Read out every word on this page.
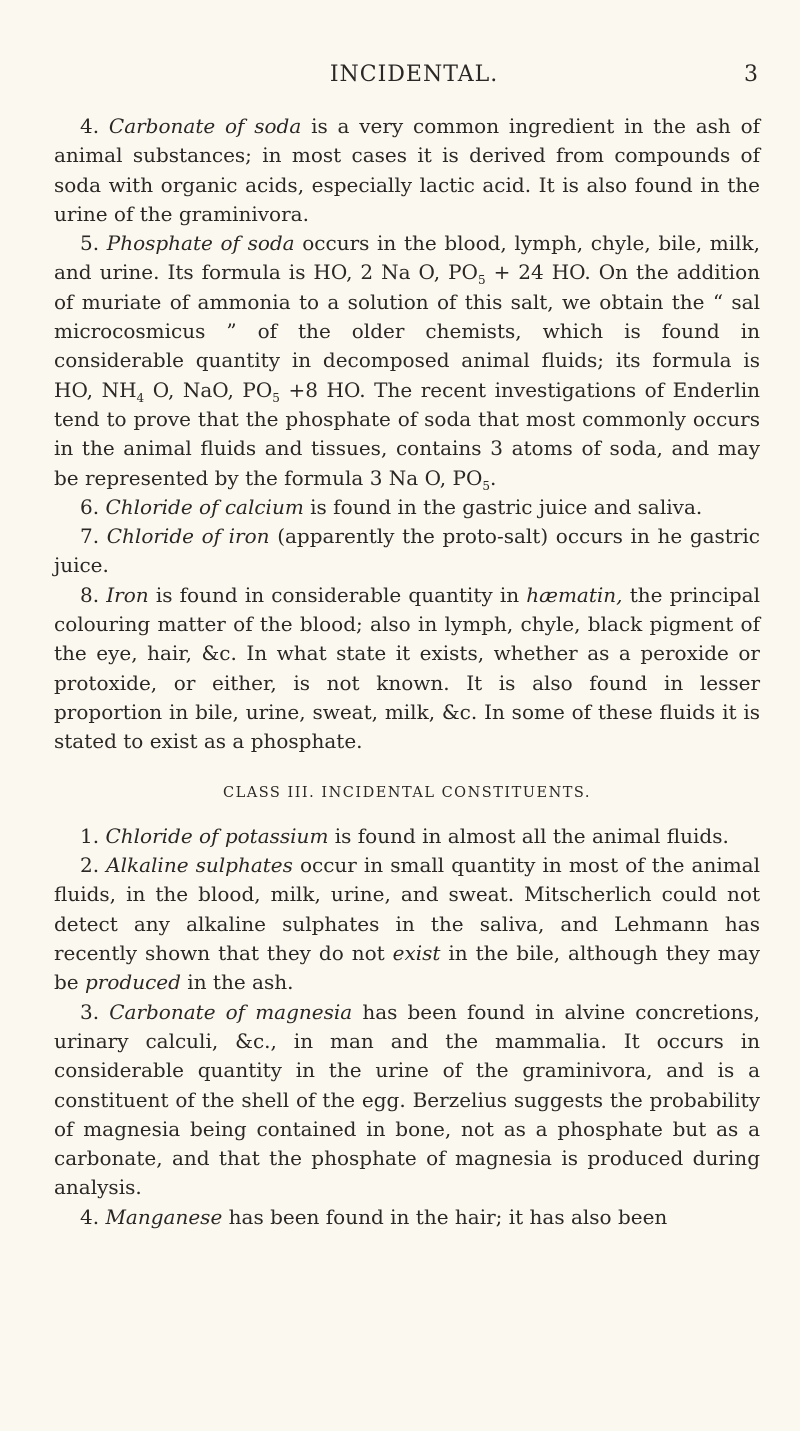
INCIDENTAL.	3

4. Carbonate of soda is a very common ingredient in the ash of animal substances; in most cases it is derived from compounds of soda with organic acids, especially lactic acid. It is also found in the urine of the graminivora.

5. Phosphate of soda occurs in the blood, lymph, chyle, bile, milk, and urine. Its formula is HO, 2 Na O, $PO_5 + 24$ HO. On the addition of muriate of ammonia to a solution of this salt, we obtain the “ sal microcosmicus ” of the older chemists, which is found in considerable quantity in decomposed animal fluids; its formula is HO, $NH_4$ O, NaO, $PO_5 +8$ HO. The recent investigations of Enderlin tend to prove that the phosphate of soda that most commonly occurs in the animal fluids and tissues, contains 3 atoms of soda, and may be represented by the formula 3 Na O, $PO_5$.

6. Chloride of calcium is found in the gastric juice and saliva.

7. Chloride of iron (apparently the proto-salt) occurs in he gastric juice.

8. Iron is found in considerable quantity in hæmatin, the principal colouring matter of the blood; also in lymph, chyle, black pigment of the eye, hair, &c. In what state it exists, whether as a peroxide or protoxide, or either, is not known. It is also found in lesser proportion in bile, urine, sweat, milk, &c. In some of these fluids it is stated to exist as a phosphate.

CLASS III. INCIDENTAL CONSTITUENTS.

1. Chloride of potassium is found in almost all the animal fluids.

2. Alkaline sulphates occur in small quantity in most of the animal fluids, in the blood, milk, urine, and sweat. Mitscherlich could not detect any alkaline sulphates in the saliva, and Lehmann has recently shown that they do not exist in the bile, although they may be produced in the ash.

3. Carbonate of magnesia has been found in alvine concretions, urinary calculi, &c., in man and the mammalia. It occurs in considerable quantity in the urine of the graminivora, and is a constituent of the shell of the egg. Berzelius suggests the probability of magnesia being contained in bone, not as a phosphate but as a carbonate, and that the phosphate of magnesia is produced during analysis.

4. Manganese has been found in the hair; it has also been
